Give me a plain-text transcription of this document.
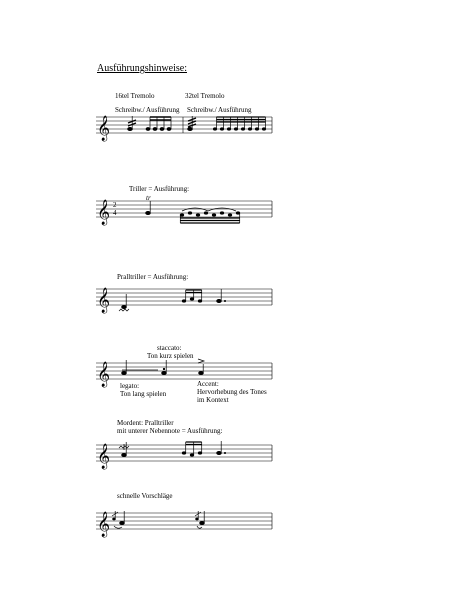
Ausführungshinweise:
16tel Tremolo	32tel Tremolo
Schreibw./ Ausführung Schreibw./ Ausführung
𝄞
𝄞
𝄞
𝄞
𝄞
𝄞
2
4
tr
Triller = Ausführung:
Pralltriller = Ausführung:
staccato:
Ton kurz spielen
legato:
Ton lang spielen
Accent:
Hervorhebung des Tones
im Kontext
Mordent: Pralltriller
mit unterer Nebennote = Ausführung:
schnelle Vorschläge
